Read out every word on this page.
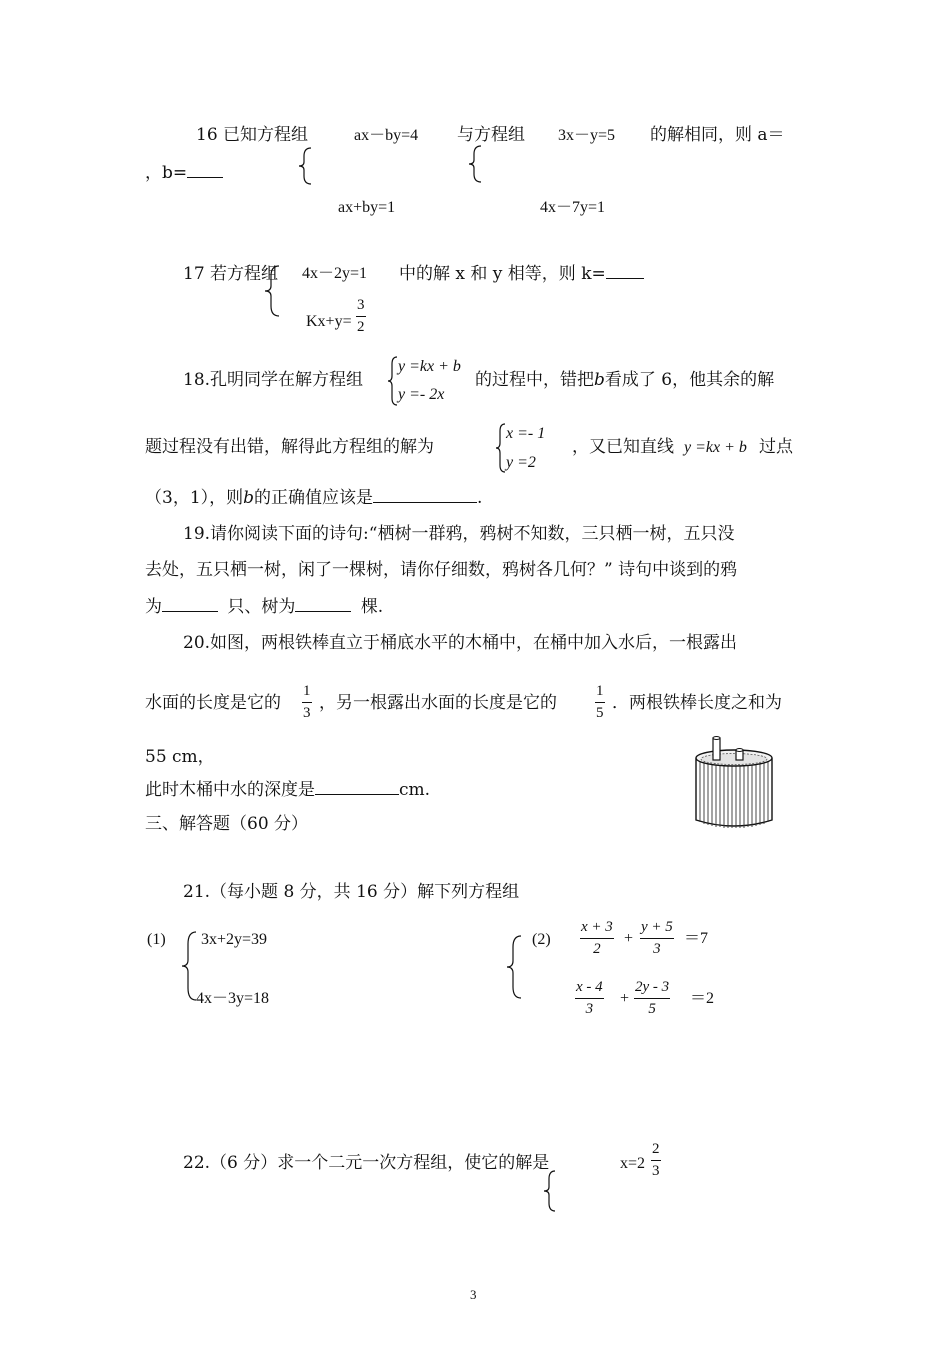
16 已知方程组	ax－by=4 与方程组 3x－y=5 的解相同，则 a＝
，b=
ax+by=1	4x－7y=1
17 若方程组 4x－2y=1 中的解 x 和 y 相等，则 k=
$Kx+y= \frac{3}{2}$
18.孔明同学在解方程组
y =kx + b
y =- 2x
的过程中，错把b看成了 6，他其余的解
题过程没有出错，解得此方程组的解为
x =- 1
y =2
，又已知直线 y =kx + b 过点
（3，1），则b的正确值应该是	.
19.请你阅读下面的诗句:“栖树一群鸦，鸦树不知数，三只栖一树，五只没
去处，五只栖一树，闲了一棵树，请你仔细数，鸦树各几何？” 诗句中谈到的鸦
为	只、树为	棵.
20.如图，两根铁棒直立于桶底水平的木桶中，在桶中加入水后，一根露出
水面的长度是它的 $\frac{1}{3}$ ，另一根露出水面的长度是它的	$\frac{1}{5}$ ．两根铁棒长度之和为
55 cm，
此时木桶中水的深度是	cm.
三、解答题（60 分）
21.（每小题 8 分，共 16 分）解下列方程组
(1) 3x+2y=39
4x－3y=18
$(2) \frac{x + 3}{2} + \frac{y + 5}{3} =7$
$\frac{x - 4}{3} + \frac{2y - 3}{5} =2$
22.（6 分）求一个二元一次方程组，使它的解是	$x=2 \frac{2}{3}$
3
